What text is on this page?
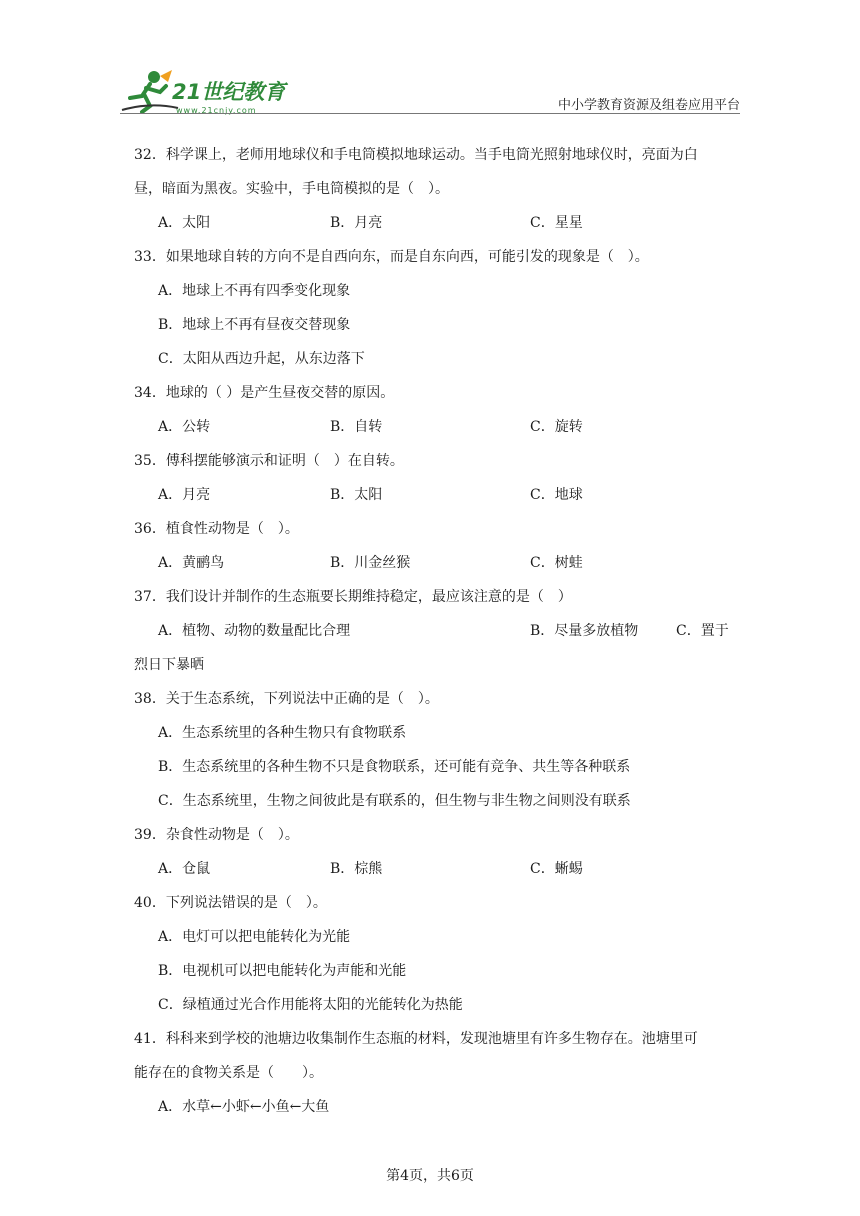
21世纪教育
www.21cnjy.com	中小学教育资源及组卷应用平台
32．科学课上，老师用地球仪和手电筒模拟地球运动。当手电筒光照射地球仪时，亮面为白
昼，暗面为黑夜。实验中，手电筒模拟的是（　）。
A．太阳	B．月亮	C．星星
33．如果地球自转的方向不是自西向东，而是自东向西，可能引发的现象是（　）。
A．地球上不再有四季变化现象
B．地球上不再有昼夜交替现象
C．太阳从西边升起，从东边落下
34．地球的（ ）是产生昼夜交替的原因。
A．公转	B．自转	C．旋转
35．傅科摆能够演示和证明（　）在自转。
A．月亮	B．太阳	C．地球
36．植食性动物是（　）。
A．黄鹂鸟	B．川金丝猴	C．树蛙
37．我们设计并制作的生态瓶要长期维持稳定，最应该注意的是（　）
A．植物、动物的数量配比合理	B．尽量多放植物	C．置于
烈日下暴晒
38．关于生态系统，下列说法中正确的是（　）。
A．生态系统里的各种生物只有食物联系
B．生态系统里的各种生物不只是食物联系，还可能有竞争、共生等各种联系
C．生态系统里，生物之间彼此是有联系的，但生物与非生物之间则没有联系
39．杂食性动物是（　）。
A．仓鼠	B．棕熊	C．蜥蜴
40．下列说法错误的是（　）。
A．电灯可以把电能转化为光能
B．电视机可以把电能转化为声能和光能
C．绿植通过光合作用能将太阳的光能转化为热能
41．科科来到学校的池塘边收集制作生态瓶的材料，发现池塘里有许多生物存在。池塘里可
能存在的食物关系是（　　）。
A．水草←小虾←小鱼←大鱼
第4页，共6页
